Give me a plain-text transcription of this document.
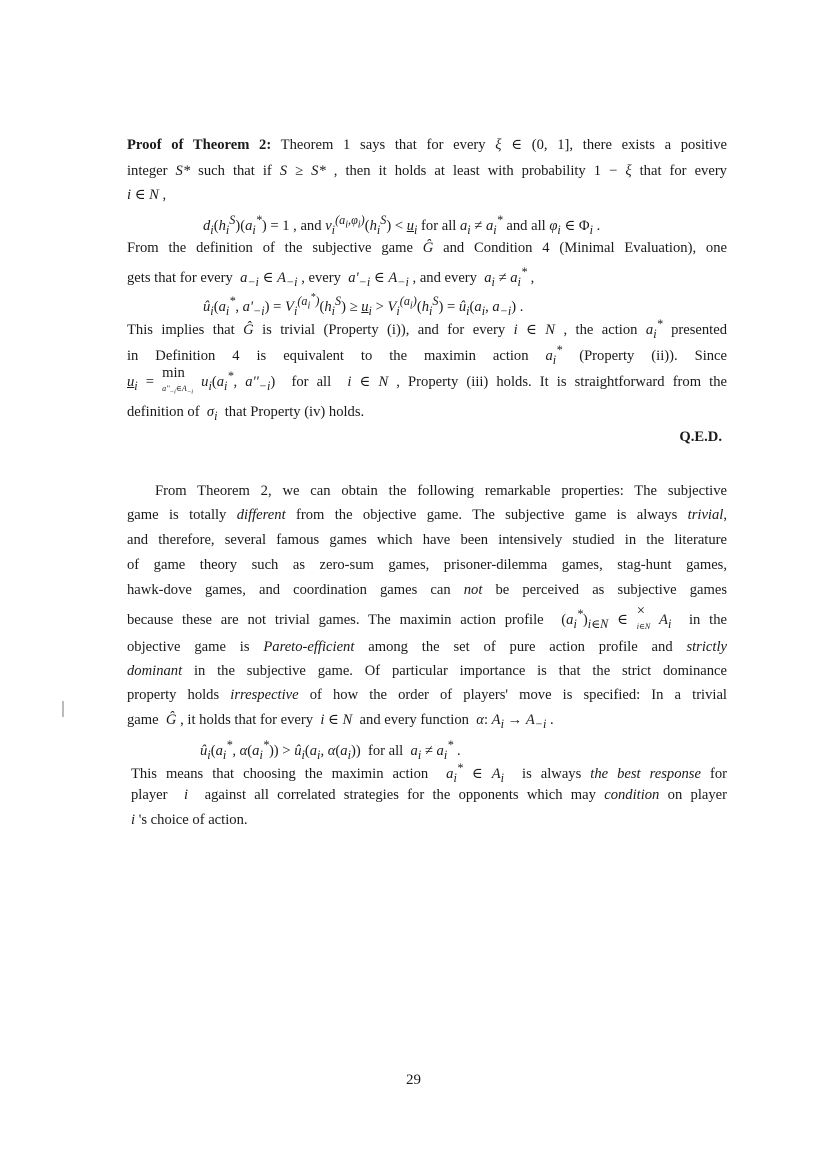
Proof of Theorem 2: Theorem 1 says that for every ξ ∈ (0, 1], there exists a positive
integer S* such that if S ≥ S* , then it holds at least with probability 1 − ξ that for every
i ∈ N ,
$d_i(h_i^S)(a_i^*) = 1$ , and $v_i^{(a_i,\varphi_i)}(h_i^S) < u_i$ for all $a_i \ne a_i^*$ and all $\varphi_i$ ∈ $\Phi_i$ .
From the definition of the subjective game Ĝ and Condition 4 (Minimal Evaluation), one
gets that for every  $a_{-i}$ ∈ $A_{-i}$ , every  $a'_{-i}$ ∈ $A_{-i}$ , and every  $a_i \ne a_i^*$ ,
$û_i(a_i^*$, $a'_{-i}) = V_i^{(a_i^*)}(h_i^S) \ge u_i > V_i^{(a_i)}(h_i^S)$ = $û_i(a_i$, $a_{-i}$) .
This implies that Ĝ is trivial (Property (i)), and for every i ∈ N , the action $a_i^*$ presented
in  Definition  4  is  equivalent  to  the  maximin  action  $a_i^*$  (Property  (ii)).  Since
$u_i = \min$
$a''_{-i}\in A_{-i}$ $u_i(a_i^*$, $a''_{-i}$)  for all  i ∈ N , Property (iii) holds. It is straightforward from the
definition of  $\sigma_i$  that Property (iv) holds.
Q.E.D.
From Theorem 2, we can obtain the following remarkable properties: The subjective
game is totally different from the objective game. The subjective game is always trivial,
and therefore, several famous games which have been intensively studied in the literature
of game theory such as zero-sum games, prisoner-dilemma games, stag-hunt games,
hawk-dove games, and coordination games can not be perceived as subjective games
because these are not trivial games. The maximin action profile  $(a_i^*)_{i\in N}$ ∈ ×
i∈N $A_i$  in the
objective game is Pareto-efficient among the set of pure action profile and strictly
dominant in the subjective game. Of particular importance is that the strict dominance
property holds irrespective of how the order of players' move is specified: In a trivial
game  Ĝ , it holds that for every  i ∈ N  and every function  α: $A_i \to A_{-i}$ .
$û_i(a_i^*$, $\alpha(a_i^*)$) > $û_i(a_i$, $\alpha(a_i)$)  for all  $a_i \ne a_i^*$ .
This means that choosing the maximin action  $a_i^*$ ∈ $A_i$  is always the best response for
player  i  against all correlated strategies for the opponents which may condition on player
i 's choice of action.
29
